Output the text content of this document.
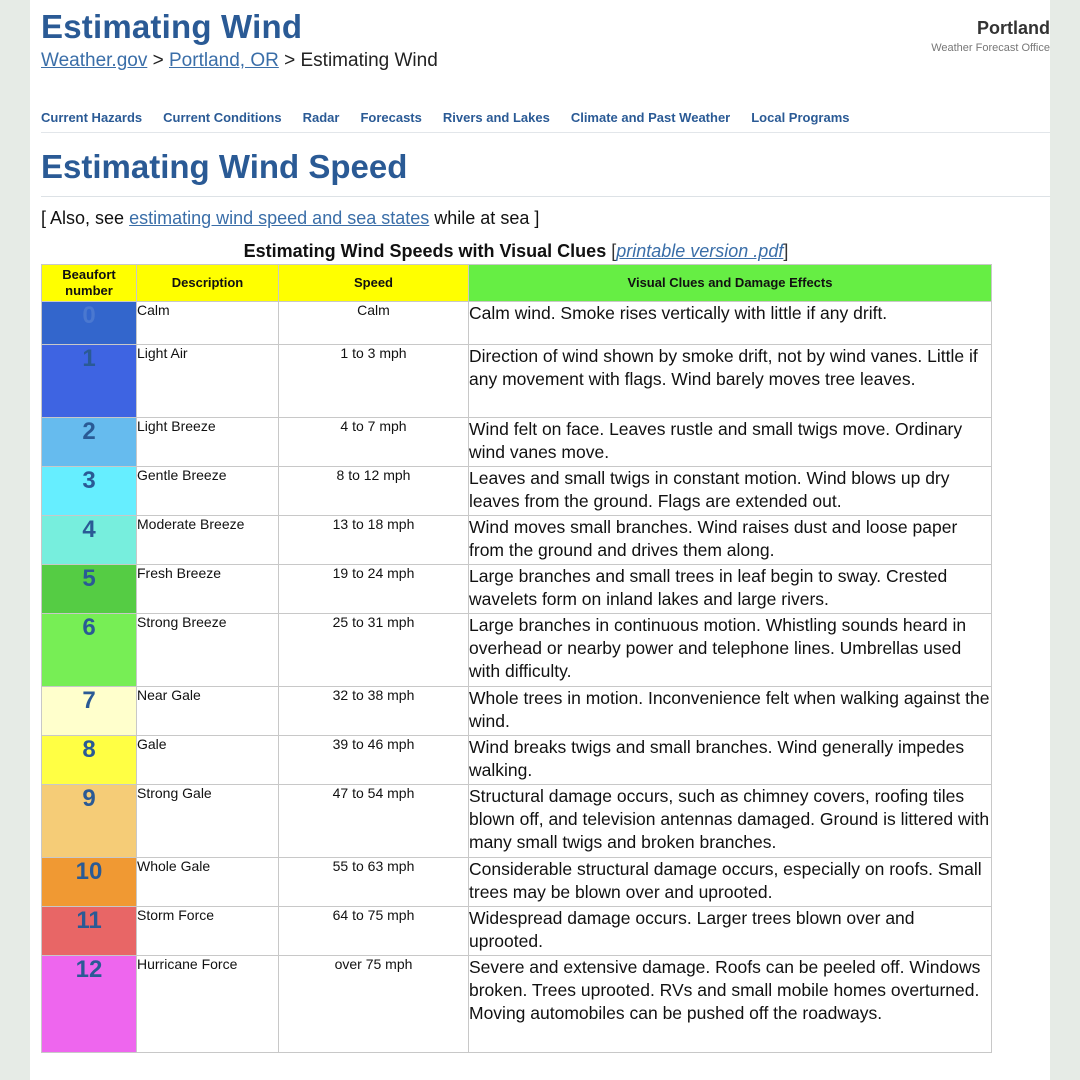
Estimating Wind
Weather.gov > Portland, OR > Estimating Wind
Portland
Weather Forecast Office
Current Hazards Current Conditions Radar Forecasts Rivers and Lakes Climate and Past Weather Local Programs
Estimating Wind Speed
[ Also, see estimating wind speed and sea states while at sea ]
Estimating Wind Speeds with Visual Clues [printable version .pdf]
Beaufort number	Description	Speed	Visual Clues and Damage Effects
0	Calm	Calm	Calm wind. Smoke rises vertically with little if any drift.
1	Light Air	1 to 3 mph	Direction of wind shown by smoke drift, not by wind vanes. Little if any movement with flags. Wind barely moves tree leaves.
2	Light Breeze	4 to 7 mph	Wind felt on face. Leaves rustle and small twigs move. Ordinary wind vanes move.
3	Gentle Breeze	8 to 12 mph	Leaves and small twigs in constant motion. Wind blows up dry leaves from the ground. Flags are extended out.
4	Moderate Breeze	13 to 18 mph	Wind moves small branches. Wind raises dust and loose paper from the ground and drives them along.
5	Fresh Breeze	19 to 24 mph	Large branches and small trees in leaf begin to sway. Crested wavelets form on inland lakes and large rivers.
6	Strong Breeze	25 to 31 mph	Large branches in continuous motion. Whistling sounds heard in overhead or nearby power and telephone lines. Umbrellas used with difficulty.
7	Near Gale	32 to 38 mph	Whole trees in motion. Inconvenience felt when walking against the wind.
8	Gale	39 to 46 mph	Wind breaks twigs and small branches. Wind generally impedes walking.
9	Strong Gale	47 to 54 mph	Structural damage occurs, such as chimney covers, roofing tiles blown off, and television antennas damaged. Ground is littered with many small twigs and broken branches.
10	Whole Gale	55 to 63 mph	Considerable structural damage occurs, especially on roofs. Small trees may be blown over and uprooted.
11	Storm Force	64 to 75 mph	Widespread damage occurs. Larger trees blown over and uprooted.
12	Hurricane Force	over 75 mph	Severe and extensive damage. Roofs can be peeled off. Windows broken. Trees uprooted. RVs and small mobile homes overturned. Moving automobiles can be pushed off the roadways.
